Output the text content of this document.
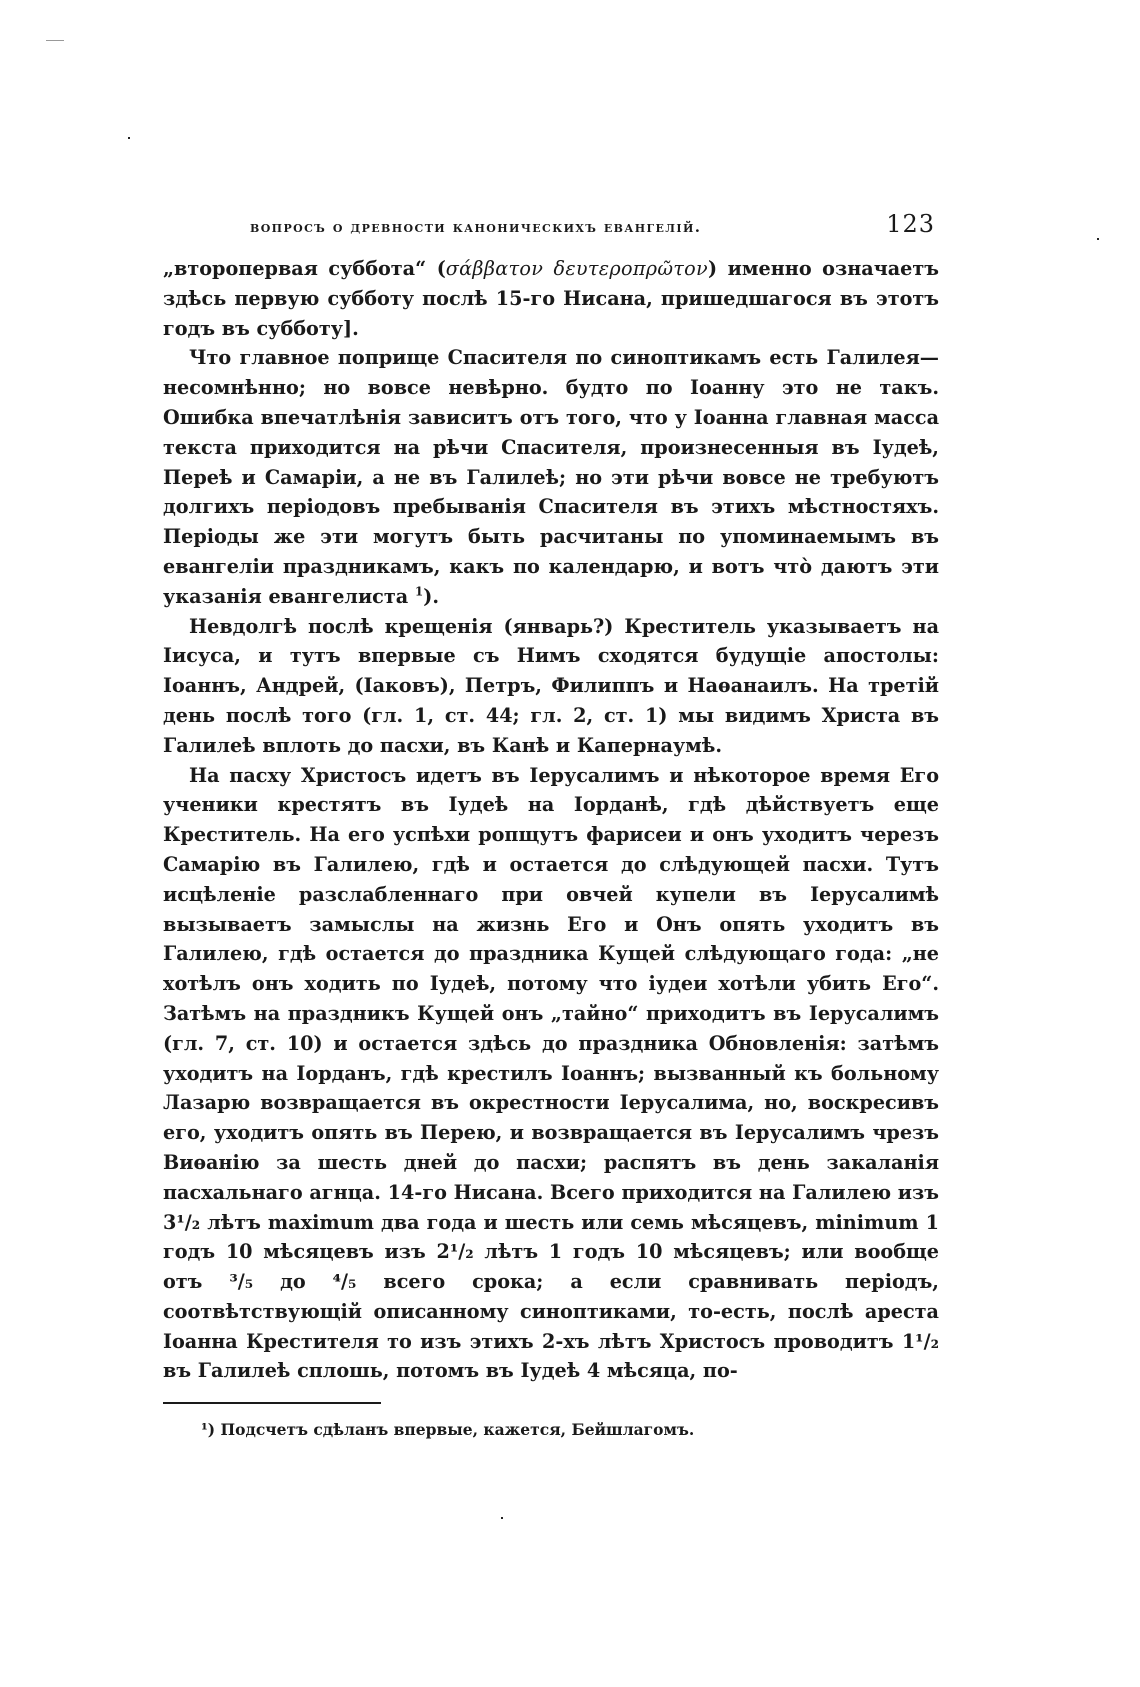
вопросъ о древности каноническихъ евангелій.	123

„второпервая суббота“ (σάββατον δευτερoπρῶτον) именно означаетъ здѣсь первую субботу послѣ 15-го Нисана, пришедшагося въ этотъ годъ въ субботу].

Что главное поприще Спасителя по синоптикамъ есть Галилея— несомнѣнно; но вовсе невѣрно. будто по Іоанну это не такъ. Ошибка впечатлѣнія зависитъ отъ того, что у Іоанна главная масса текста приходится на рѣчи Спасителя, произнесенныя въ Іудеѣ, Переѣ и Самаріи, а не въ Галилеѣ; но эти рѣчи вовсе не требуютъ долгихъ періодовъ пребыванія Спасителя въ этихъ мѣстностяхъ. Періоды же эти могутъ быть расчитаны по упоминаемымъ въ евангеліи праздникамъ, какъ по календарю, и вотъ что̀ даютъ эти указанія евангелиста $^1$).

Невдолгѣ послѣ крещенія (январь?) Креститель указываетъ на Іисуса, и тутъ впервые съ Нимъ сходятся будущіе апостолы: Іоаннъ, Андрей, (Іаковъ), Петръ, Филиппъ и Наѳанаилъ. На третій день послѣ того (гл. 1, ст. 44; гл. 2, ст. 1) мы видимъ Христа въ Галилеѣ вплоть до пасхи, въ Канѣ и Капернаумѣ.

На пасху Христосъ идетъ въ Іерусалимъ и нѣкоторое время Его ученики крестятъ въ Іудеѣ на Іорданѣ, гдѣ дѣйствуетъ еще Креститель. На его успѣхи ропщутъ фарисеи и онъ уходитъ черезъ Самарію въ Галилею, гдѣ и остается до слѣдующей пасхи. Тутъ исцѣленіе разслабленнаго при овчей купели въ Іерусалимѣ вызываетъ замыслы на жизнь Его и Онъ опять уходитъ въ Галилею, гдѣ остается до праздника Кущей слѣдующаго года: „не хотѣлъ онъ ходить по Іудеѣ, потому что іудеи хотѣли убить Его“. Затѣмъ на праздникъ Кущей онъ „тайно“ приходитъ въ Іерусалимъ (гл. 7, ст. 10) и остается здѣсь до праздника Обновленія: затѣмъ уходитъ на Іорданъ, гдѣ крестилъ Іоаннъ; вызванный къ больному Лазарю возвращается въ окрестности Іерусалима, но, воскресивъ его, уходитъ опять въ Перею, и возвращается въ Іерусалимъ чрезъ Виѳанію за шесть дней до пасхи; распятъ въ день закаланія пасхальнаго агнца. 14-го Нисана. Всего приходится на Галилею изъ 3¹/₂ лѣтъ maximum два года и шесть или семь мѣсяцевъ, minimum 1 годъ 10 мѣсяцевъ изъ 2¹/₂ лѣтъ 1 годъ 10 мѣсяцевъ; или вообще отъ ³/₅ до ⁴/₅ всего срока; а если сравнивать періодъ, соотвѣтствующій описанному синоптиками, то-есть, послѣ ареста Іоанна Крестителя то изъ этихъ 2-хъ лѣтъ Христосъ проводитъ 1¹/₂ въ Галилеѣ сплошь, потомъ въ Іудеѣ 4 мѣсяца, по-

¹) Подсчетъ сдѣланъ впервые, кажется, Бейшлагомъ.
